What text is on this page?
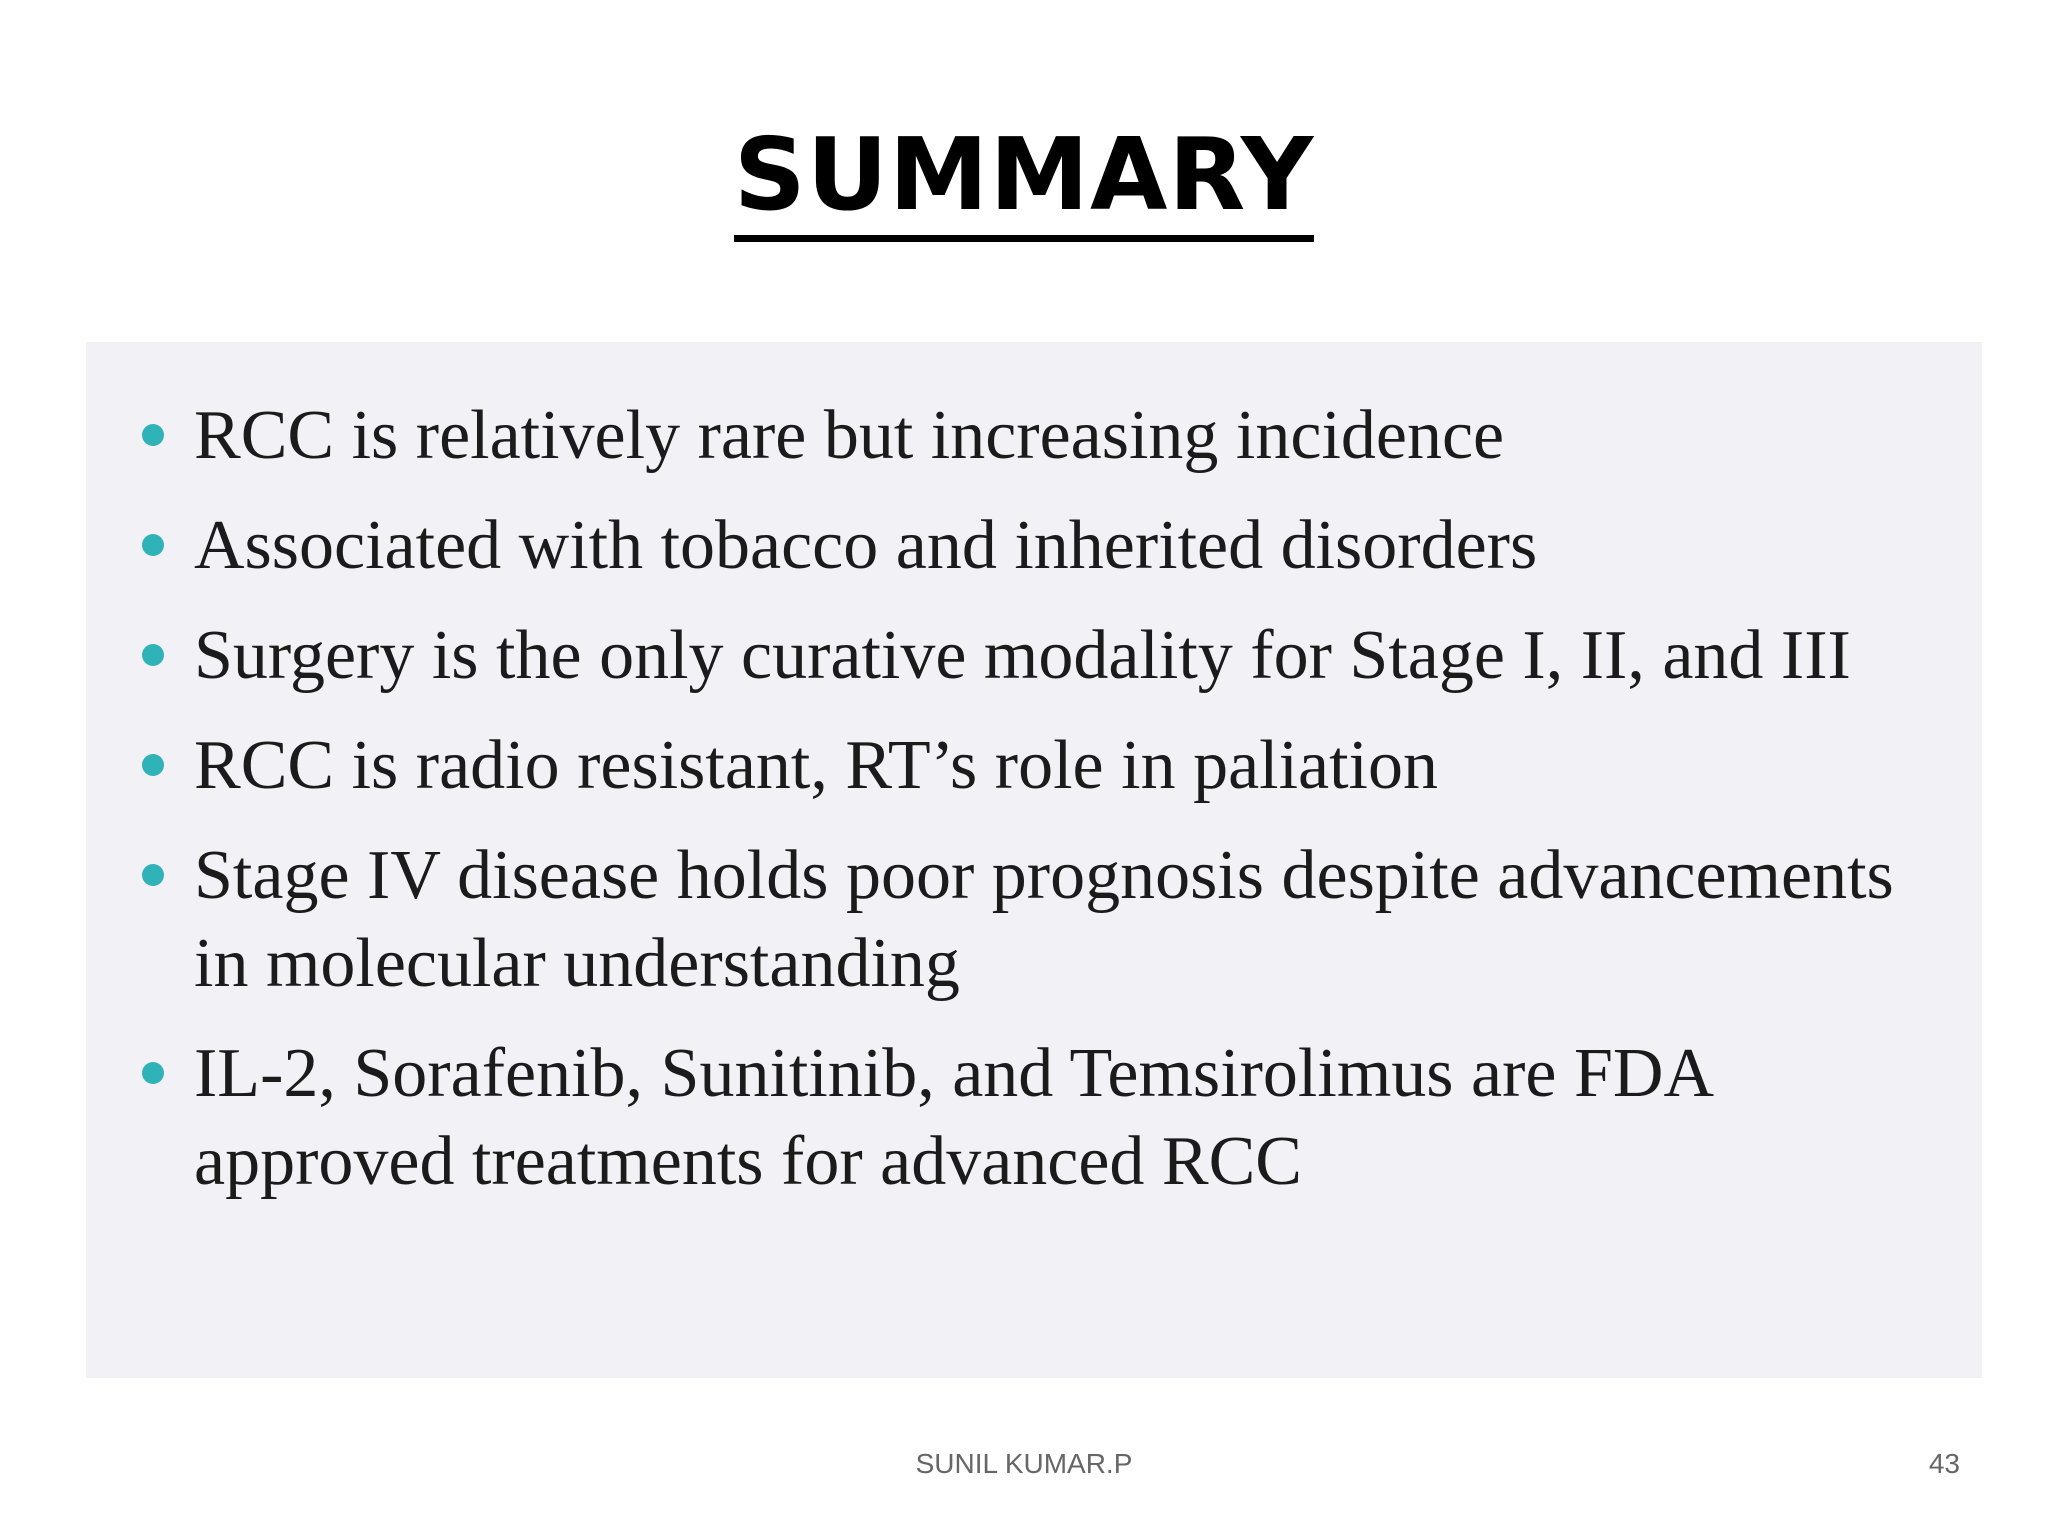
SUMMARY
RCC is relatively rare but increasing incidence
Associated with tobacco and inherited disorders
Surgery is the only curative modality for Stage I, II, and III
RCC is radio resistant, RT’s role in paliation
Stage IV disease holds poor prognosis despite advancements in molecular understanding
IL-2, Sorafenib, Sunitinib, and Temsirolimus are FDA approved treatments for advanced RCC
SUNIL KUMAR.P	43
